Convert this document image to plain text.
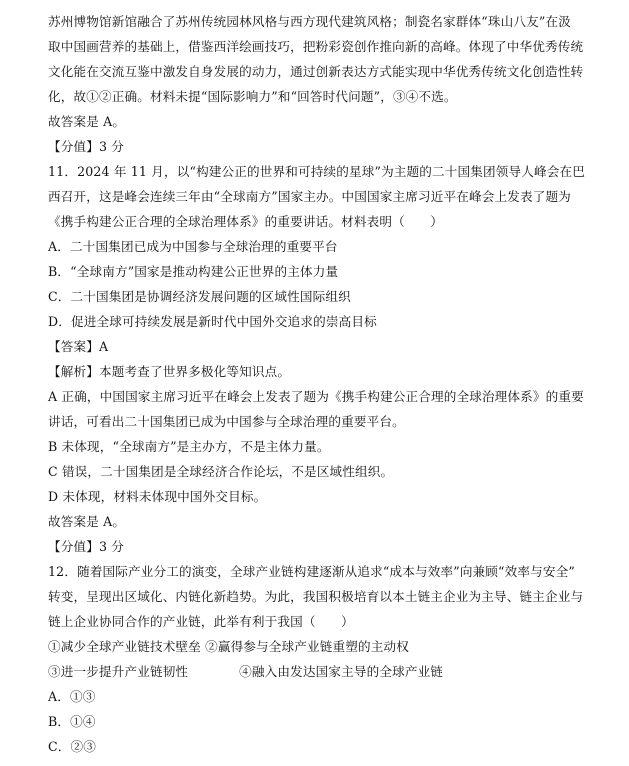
苏州博物馆新馆融合了苏州传统园林风格与西方现代建筑风格；制瓷名家群体“珠山八友”在汲
取中国画营养的基础上，借鉴西洋绘画技巧，把粉彩瓷创作推向新的高峰。体现了中华优秀传统
文化能在交流互鉴中激发自身发展的动力，通过创新表达方式能实现中华优秀传统文化创造性转
化，故①②正确。材料未提“国际影响力”和“回答时代问题”，③④不选。
故答案是 A。
【分值】3 分
11．2024 年 11 月，以“构建公正的世界和可持续的星球”为主题的二十国集团领导人峰会在巴
西召开，这是峰会连续三年由“全球南方”国家主办。中国国家主席习近平在峰会上发表了题为
《携手构建公正合理的全球治理体系》的重要讲话。材料表明（　　）
A．二十国集团已成为中国参与全球治理的重要平台
B．“全球南方”国家是推动构建公正世界的主体力量
C．二十国集团是协调经济发展问题的区域性国际组织
D．促进全球可持续发展是新时代中国外交追求的崇高目标
【答案】A
【解析】本题考查了世界多极化等知识点。
A 正确，中国国家主席习近平在峰会上发表了题为《携手构建公正合理的全球治理体系》的重要
讲话，可看出二十国集团已成为中国参与全球治理的重要平台。
B 未体现，“全球南方”是主办方，不是主体力量。
C 错误，二十国集团是全球经济合作论坛，不是区域性组织。
D 未体现，材料未体现中国外交目标。
故答案是 A。
【分值】3 分
12．随着国际产业分工的演变，全球产业链构建逐渐从追求“成本与效率”向兼顾“效率与安全”
转变，呈现出区域化、内链化新趋势。为此，我国积极培育以本土链主企业为主导、链主企业与
链上企业协同合作的产业链，此举有利于我国（　　）
①减少全球产业链技术壁垒 ②赢得参与全球产业链重塑的主动权
③进一步提升产业链韧性　　　　④融入由发达国家主导的全球产业链
A．①③
B．①④
C．②③
